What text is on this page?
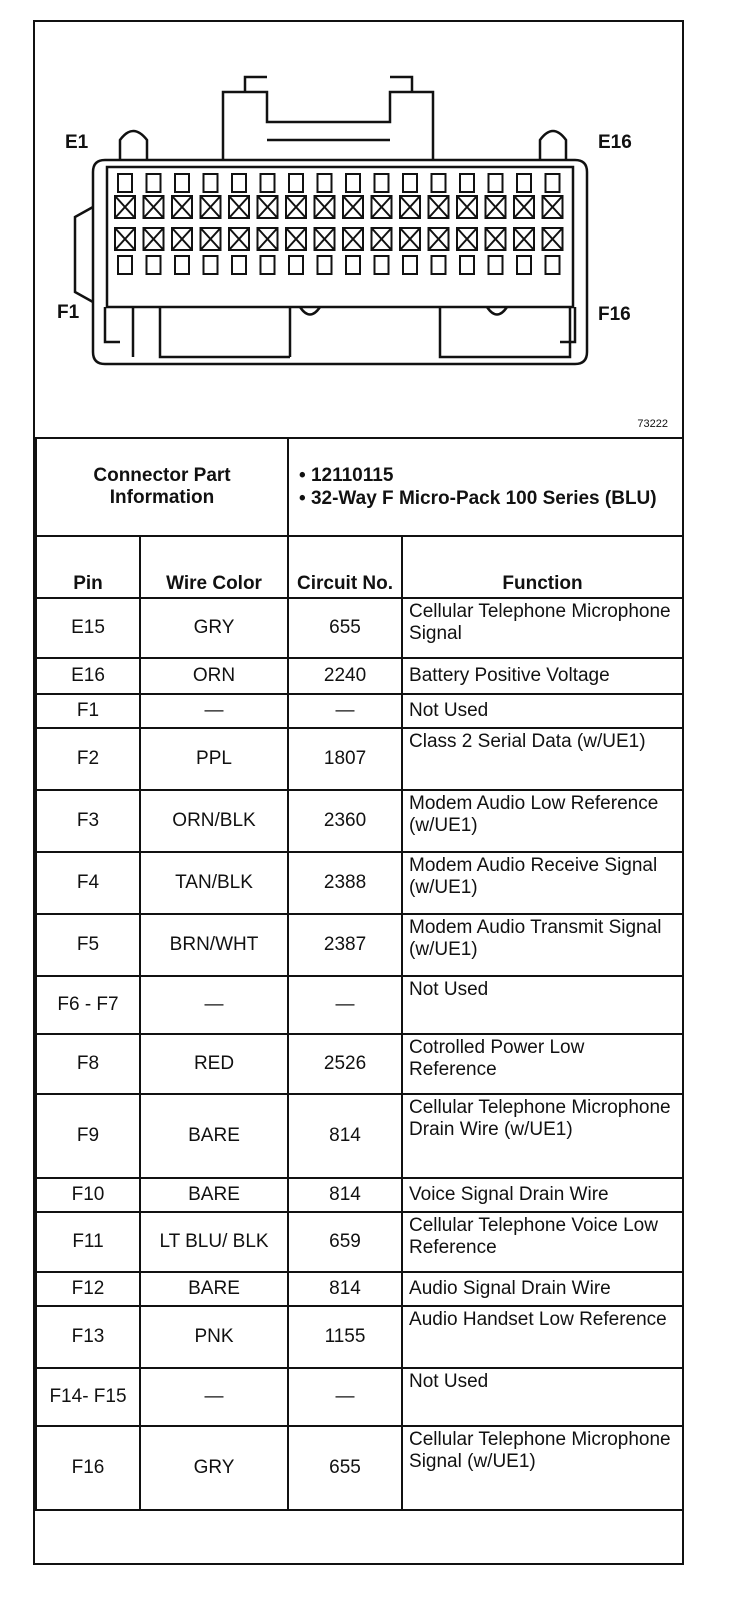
E1	E16
F1	F16
73222
Connector Part Information		• 12110115
• 32-Way F Micro-Pack 100 Series (BLU)	

Pin	Wire Color	Circuit No.	Function
E15	GRY	655	Cellular Telephone Microphone Signal
E16	ORN	2240	Battery Positive Voltage
F1	—	—	Not Used
F2	PPL	1807	Class 2 Serial Data (w/UE1)
F3	ORN/BLK	2360	Modem Audio Low Reference (w/UE1)
F4	TAN/BLK	2388	Modem Audio Receive Signal (w/UE1)
F5	BRN/WHT	2387	Modem Audio Transmit Signal (w/UE1)
F6 - F7	—	—	Not Used
F8	RED	2526	Cotrolled Power Low Reference
F9	BARE	814	Cellular Telephone Microphone Drain Wire (w/UE1)
F10	BARE	814	Voice Signal Drain Wire
F11	LT BLU/ BLK	659	Cellular Telephone Voice Low Reference
F12	BARE	814	Audio Signal Drain Wire
F13	PNK	1155	Audio Handset Low Reference
F14- F15	—	—	Not Used
F16	GRY	655	Cellular Telephone Microphone Signal (w/UE1)
